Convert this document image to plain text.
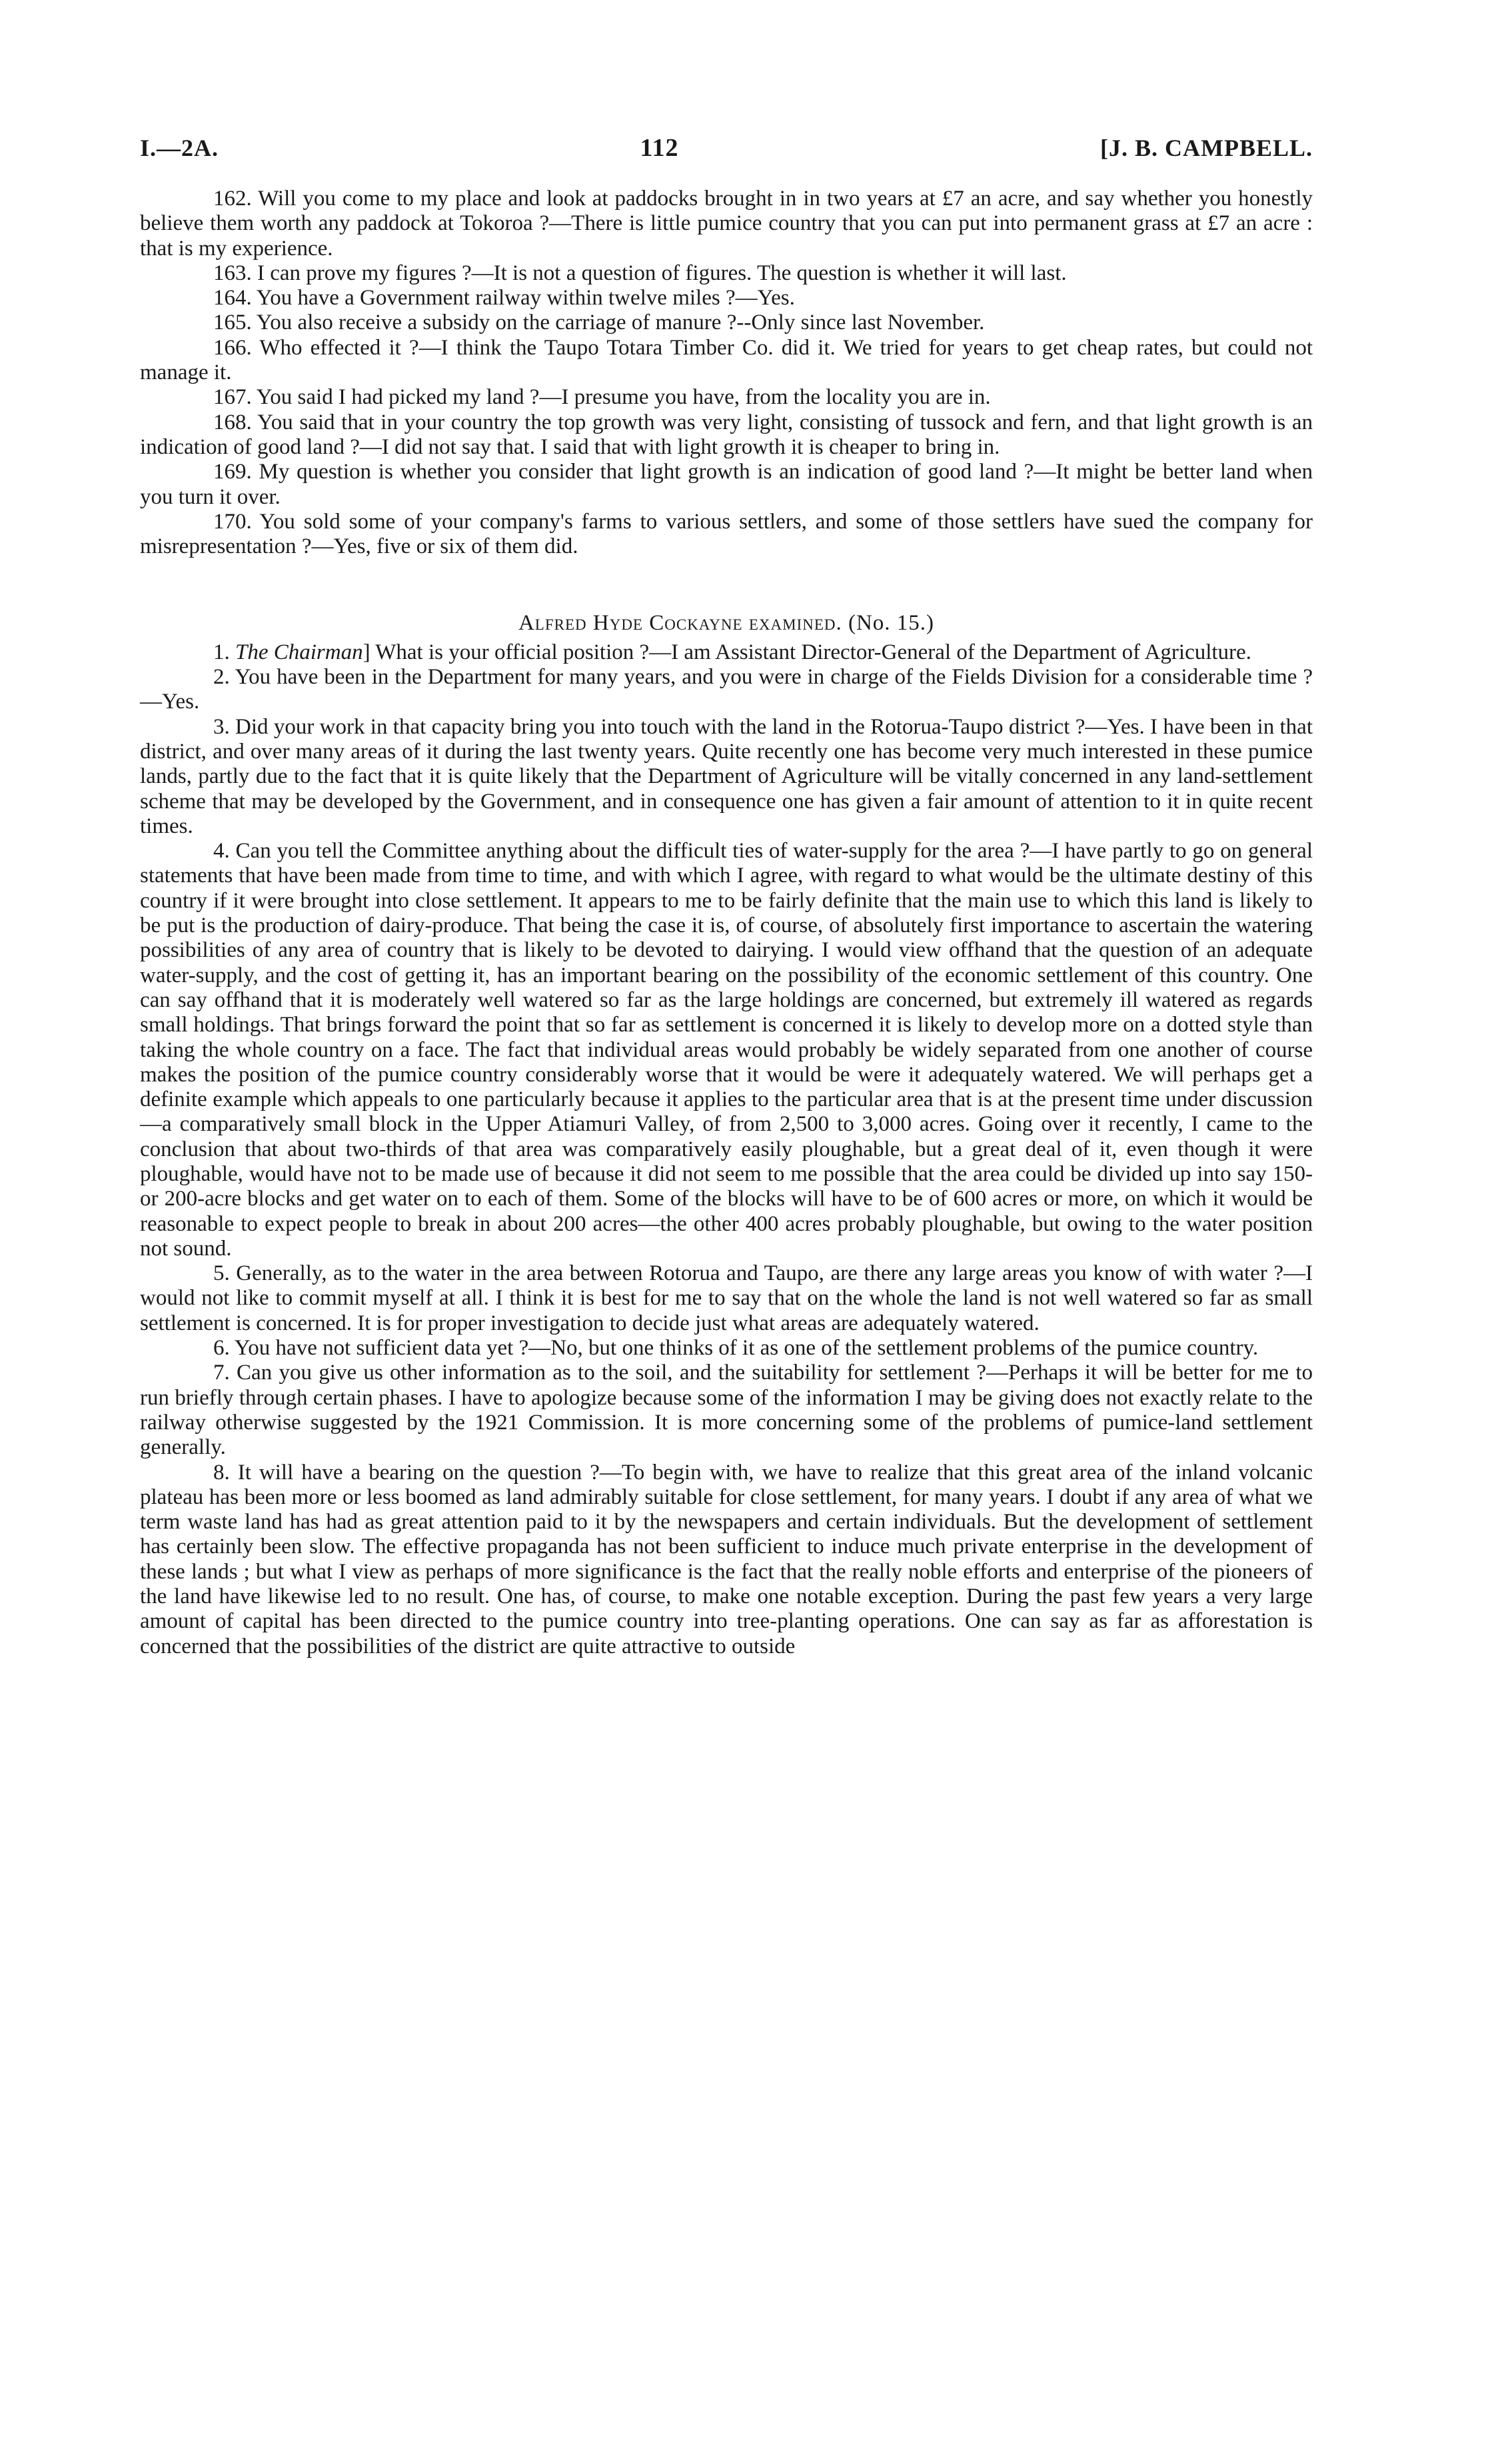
I.—2A.	112	[J. B. CAMPBELL.

162. Will you come to my place and look at paddocks brought in in two years at £7 an acre, and say whether you honestly believe them worth any paddock at Tokoroa ?—There is little pumice country that you can put into permanent grass at £7 an acre : that is my experience.

163. I can prove my figures ?—It is not a question of figures. The question is whether it will last.

164. You have a Government railway within twelve miles ?—Yes.

165. You also receive a subsidy on the carriage of manure ?--Only since last November.

166. Who effected it ?—I think the Taupo Totara Timber Co. did it. We tried for years to get cheap rates, but could not manage it.

167. You said I had picked my land ?—I presume you have, from the locality you are in.

168. You said that in your country the top growth was very light, consisting of tussock and fern, and that light growth is an indication of good land ?—I did not say that. I said that with light growth it is cheaper to bring in.

169. My question is whether you consider that light growth is an indication of good land ?—It might be better land when you turn it over.

170. You sold some of your company's farms to various settlers, and some of those settlers have sued the company for misrepresentation ?—Yes, five or six of them did.

Alfred Hyde Cockayne examined. (No. 15.)

1. The Chairman] What is your official position ?—I am Assistant Director-General of the Department of Agriculture.

2. You have been in the Department for many years, and you were in charge of the Fields Division for a considerable time ?—Yes.

3. Did your work in that capacity bring you into touch with the land in the Rotorua-Taupo district ?—Yes. I have been in that district, and over many areas of it during the last twenty years. Quite recently one has become very much interested in these pumice lands, partly due to the fact that it is quite likely that the Department of Agriculture will be vitally concerned in any land-settlement scheme that may be developed by the Government, and in consequence one has given a fair amount of attention to it in quite recent times.

4. Can you tell the Committee anything about the difficult ties of water-supply for the area ?—I have partly to go on general statements that have been made from time to time, and with which I agree, with regard to what would be the ultimate destiny of this country if it were brought into close settlement. It appears to me to be fairly definite that the main use to which this land is likely to be put is the production of dairy-produce. That being the case it is, of course, of absolutely first importance to ascertain the watering possibilities of any area of country that is likely to be devoted to dairying. I would view offhand that the question of an adequate water-supply, and the cost of getting it, has an important bearing on the possibility of the economic settlement of this country. One can say offhand that it is moderately well watered so far as the large holdings are concerned, but extremely ill watered as regards small holdings. That brings forward the point that so far as settlement is concerned it is likely to develop more on a dotted style than taking the whole country on a face. The fact that individual areas would probably be widely separated from one another of course makes the position of the pumice country considerably worse that it would be were it adequately watered. We will perhaps get a definite example which appeals to one particularly because it applies to the particular area that is at the present time under discussion—a comparatively small block in the Upper Atiamuri Valley, of from 2,500 to 3,000 acres. Going over it recently, I came to the conclusion that about two-thirds of that area was comparatively easily ploughable, but a great deal of it, even though it were ploughable, would have not to be made use of because it did not seem to me possible that the area could be divided up into say 150- or 200-acre blocks and get water on to each of them. Some of the blocks will have to be of 600 acres or more, on which it would be reasonable to expect people to break in about 200 acres—the other 400 acres probably ploughable, but owing to the water position not sound.

5. Generally, as to the water in the area between Rotorua and Taupo, are there any large areas you know of with water ?—I would not like to commit myself at all. I think it is best for me to say that on the whole the land is not well watered so far as small settlement is concerned. It is for proper investigation to decide just what areas are adequately watered.

6. You have not sufficient data yet ?—No, but one thinks of it as one of the settlement problems of the pumice country.

7. Can you give us other information as to the soil, and the suitability for settlement ?—Perhaps it will be better for me to run briefly through certain phases. I have to apologize because some of the information I may be giving does not exactly relate to the railway otherwise suggested by the 1921 Commission. It is more concerning some of the problems of pumice-land settlement generally.

8. It will have a bearing on the question ?—To begin with, we have to realize that this great area of the inland volcanic plateau has been more or less boomed as land admirably suitable for close settlement, for many years. I doubt if any area of what we term waste land has had as great attention paid to it by the newspapers and certain individuals. But the development of settlement has certainly been slow. The effective propaganda has not been sufficient to induce much private enterprise in the development of these lands ; but what I view as perhaps of more significance is the fact that the really noble efforts and enterprise of the pioneers of the land have likewise led to no result. One has, of course, to make one notable exception. During the past few years a very large amount of capital has been directed to the pumice country into tree-planting operations. One can say as far as afforestation is concerned that the possibilities of the district are quite attractive to outside
